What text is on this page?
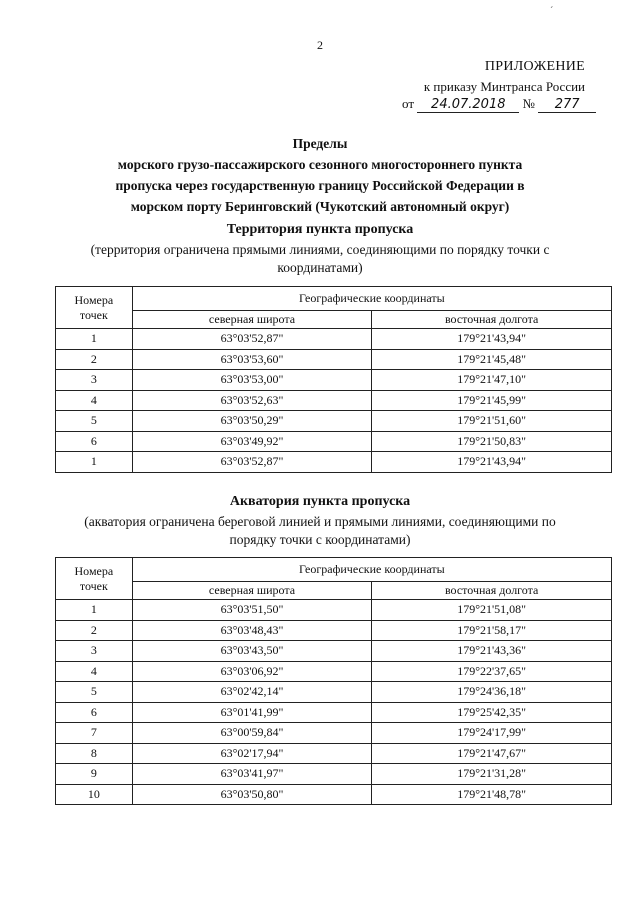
´
2
ПРИЛОЖЕНИЕ
к приказу Минтранса России
от 24.07.2018 № 277
Пределы
морского грузо-пассажирского сезонного многостороннего пункта
пропуска через государственную границу Российской Федерации в
морском порту Беринговский (Чукотский автономный округ)
Территория пункта пропуска
(территория ограничена прямыми линиями, соединяющими по порядку точки с
координатами)
Номера
точек	Географические координаты	
	северная широта	восточная долгота
1	63°03'52,87"	179°21'43,94"
2	63°03'53,60"	179°21'45,48"
3	63°03'53,00"	179°21'47,10"
4	63°03'52,63"	179°21'45,99"
5	63°03'50,29"	179°21'51,60"
6	63°03'49,92"	179°21'50,83"
1	63°03'52,87"	179°21'43,94"
Акватория пункта пропуска
(акватория ограничена береговой линией и прямыми линиями, соединяющими по
порядку точки с координатами)
Номера
точек	Географические координаты	
	северная широта	восточная долгота
1	63°03'51,50"	179°21'51,08"
2	63°03'48,43"	179°21'58,17"
3	63°03'43,50"	179°21'43,36"
4	63°03'06,92"	179°22'37,65"
5	63°02'42,14"	179°24'36,18"
6	63°01'41,99"	179°25'42,35"
7	63°00'59,84"	179°24'17,99"
8	63°02'17,94"	179°21'47,67"
9	63°03'41,97"	179°21'31,28"
10	63°03'50,80"	179°21'48,78"
